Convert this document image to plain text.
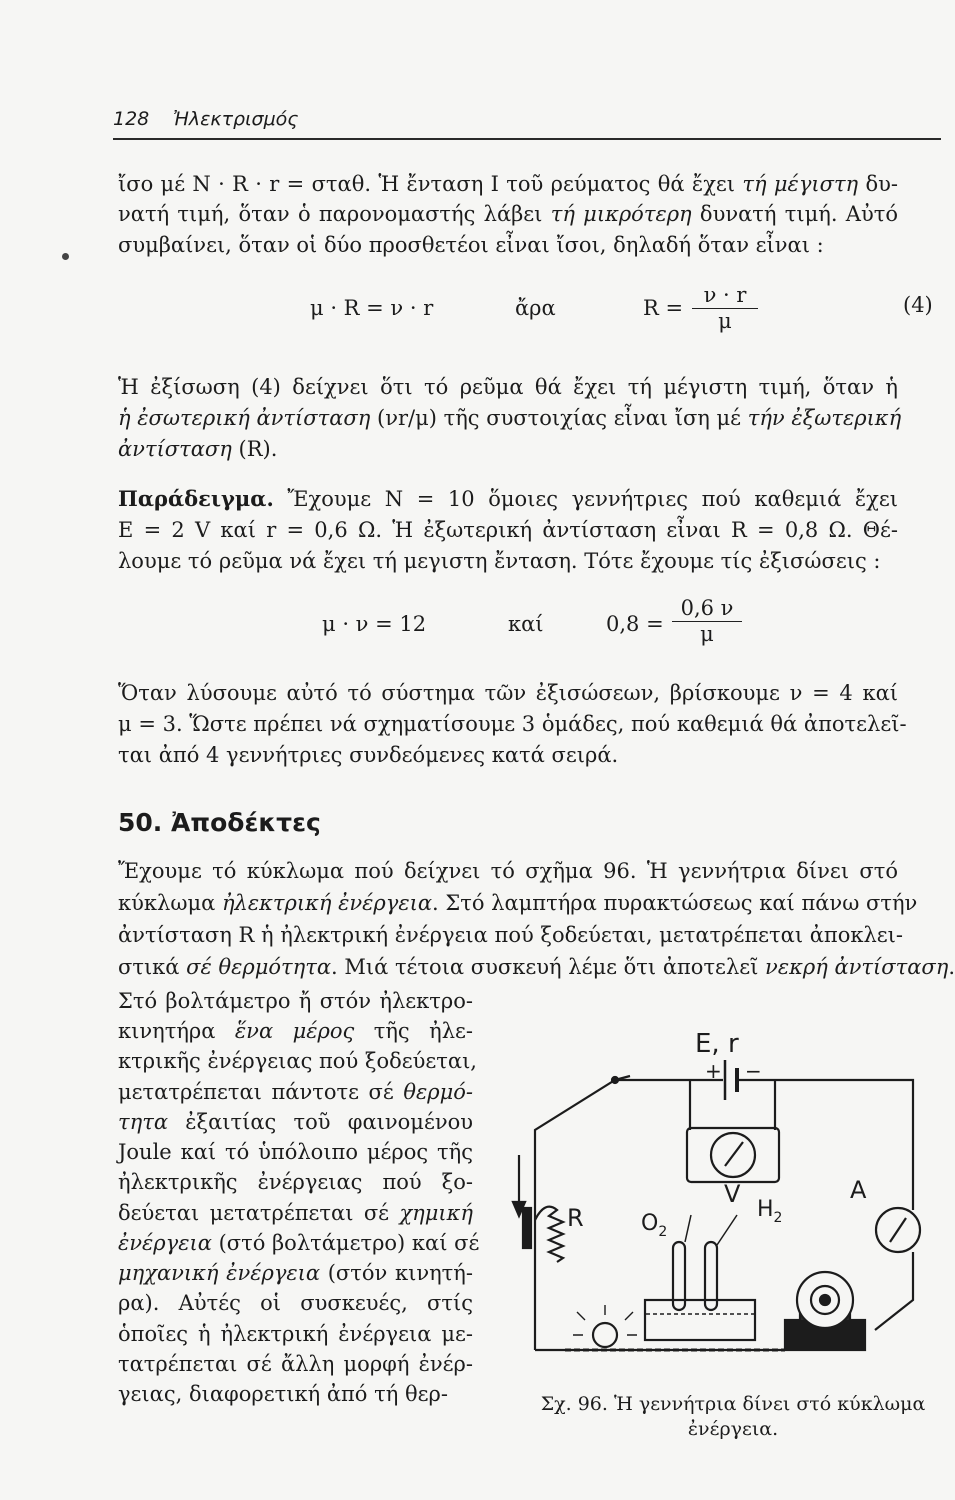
128 Ἠλεκτρισμός
ἴσο μέ N · R · r = σταθ. Ἡ ἔνταση I τοῦ ρεύματος θά ἔχει τή μέγιστη δυ-
νατή τιμή, ὅταν ὁ παρονομαστής λάβει τή μικρότερη δυνατή τιμή. Αὐτό
συμβαίνει, ὅταν οἱ δύο προσθετέοι εἶναι ἴσοι, δηλαδή ὅταν εἶναι :
μ · R = ν · r	ἄρα	$R = \frac{\nu \cdot r}{\mu}$	(4)
Ἡ ἐξίσωση (4) δείχνει ὅτι τό ρεῦμα θά ἔχει τή μέγιστη τιμή, ὅταν ἡ
ἡ ἐσωτερική ἀντίσταση (νr/μ) τῆς συστοιχίας εἶναι ἴση μέ τήν ἐξωτερική
ἀντίσταση (R).
Παράδειγμα. Ἔχουμε N = 10 ὅμοιες γεννήτριες πού καθεμιά ἔχει
E = 2 V καί r = 0,6 Ω. Ἡ ἐξωτερική ἀντίσταση εἶναι R = 0,8 Ω. Θέ-
λουμε τό ρεῦμα νά ἔχει τή μεγιστη ἔνταση. Τότε ἔχουμε τίς ἐξισώσεις :
μ · ν = 12	καί	$0,8 = \frac{0,6 \nu}{\mu}$
Ὅταν λύσουμε αὐτό τό σύστημα τῶν ἐξισώσεων, βρίσκουμε ν = 4 καί
μ = 3. Ὥστε πρέπει νά σχηματίσουμε 3 ὁμάδες, πού καθεμιά θά ἀποτελεῖ-
ται ἀπό 4 γεννήτριες συνδεόμενες κατά σειρά.
50. Ἀποδέκτες
Ἔχουμε τό κύκλωμα πού δείχνει τό σχῆμα 96. Ἡ γεννήτρια δίνει στό
κύκλωμα ἠλεκτρική ἐνέργεια. Στό λαμπτήρα πυρακτώσεως καί πάνω στήν
ἀντίσταση R ἡ ἠλεκτρική ἐνέργεια πού ξοδεύεται, μετατρέπεται ἀποκλει-
στικά σέ θερμότητα. Μιά τέτοια συσκευή λέμε ὅτι ἀποτελεῖ νεκρή ἀντίσταση.
Στό βολτάμετρο ἤ στόν ἠλεκτρο-
κινητήρα ἕνα μέρος τῆς ἠλε-
κτρικῆς ἐνέργειας πού ξοδεύεται,
μετατρέπεται πάντοτε σέ θερμό-
τητα ἐξαιτίας τοῦ φαινομένου
Joule καί τό ὑπόλοιπο μέρος τῆς
ἠλεκτρικῆς ἐνέργειας πού ξο-
δεύεται μετατρέπεται σέ χημική
ἐνέργεια (στό βολτάμετρο) καί σέ
μηχανική ἐνέργεια (στόν κινητή-
ρα). Αὐτές οἱ συσκευές, στίς
ὁποῖες ἡ ἠλεκτρική ἐνέργεια με-
τατρέπεται σέ ἄλλη μορφή ἐνέρ-
γειας, διαφορετική ἀπό τή θερ-
E, r
+ −
V	A
R	$O_2$
$H_2$
Σχ. 96. Ἡ γεννήτρια δίνει στό κύκλωμα
ἐνέργεια.
